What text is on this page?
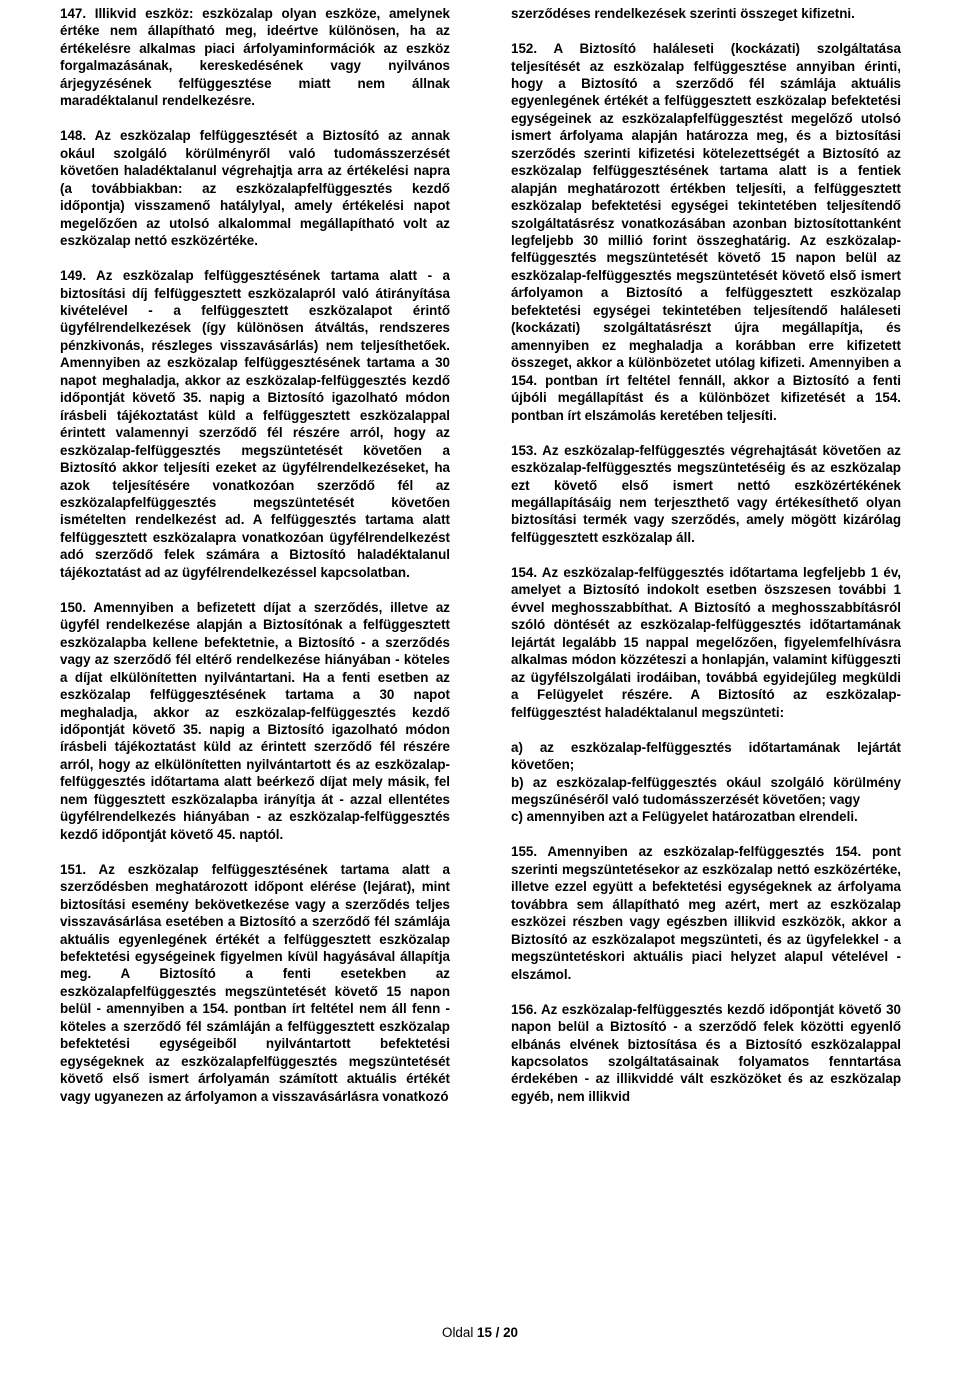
147. Illikvid eszköz: eszközalap olyan eszköze, amelynek értéke nem állapítható meg, ideértve különösen, ha az értékelésre alkalmas piaci árfolyaminformációk az eszköz forgalmazásának, kereskedésének vagy nyilvános árjegyzésének felfüggesztése miatt nem állnak maradéktalanul rendelkezésre.

148. Az eszközalap felfüggesztését a Biztosító az annak okául szolgáló körülményről való tudomásszerzését követően haladéktalanul végrehajtja arra az értékelési napra (a továbbiakban: az eszközalapfelfüggesztés kezdő időpontja) visszamenő hatálylyal, amely értékelési napot megelőzően az utolsó alkalommal megállapítható volt az eszközalap nettó eszközértéke.

149. Az eszközalap felfüggesztésének tartama alatt - a biztosítási díj felfüggesztett eszközalapról való átirányítása kivételével - a felfüggesztett eszközalapot érintő ügyfélrendelkezések (így különösen átváltás, rendszeres pénzkivonás, részleges visszavásárlás) nem teljesíthetőek. Amennyiben az eszközalap felfüggesztésének tartama a 30 napot meghaladja, akkor az eszközalap-felfüggesztés kezdő időpontját követő 35. napig a Biztosító igazolható módon írásbeli tájékoztatást küld a felfüggesztett eszközalappal érintett valamennyi szerződő fél részére arról, hogy az eszközalap-felfüggesztés megszüntetését követően a Biztosító akkor teljesíti ezeket az ügyfélrendelkezéseket, ha azok teljesítésére vonatkozóan szerződő fél az eszközalapfelfüggesztés megszüntetését követően ismételten rendelkezést ad. A felfüggesztés tartama alatt felfüggesztett eszközalapra vonatkozóan ügyfélrendelkezést adó szerződő felek számára a Biztosító haladéktalanul tájékoztatást ad az ügyfélrendelkezéssel kapcsolatban.

150. Amennyiben a befizetett díjat a szerződés, illetve az ügyfél rendelkezése alapján a Biztosítónak a felfüggesztett eszközalapba kellene befektetnie, a Biztosító - a szerződés vagy az szerződő fél eltérő rendelkezése hiányában - köteles a díjat elkülönítetten nyilvántartani. Ha a fenti esetben az eszközalap felfüggesztésének tartama a 30 napot meghaladja, akkor az eszközalap-felfüggesztés kezdő időpontját követő 35. napig a Biztosító igazolható módon írásbeli tájékoztatást küld az érintett szerződő fél részére arról, hogy az elkülönítetten nyilvántartott és az eszközalap-felfüggesztés időtartama alatt beérkező díjat mely másik, fel nem függesztett eszközalapba irányítja át - azzal ellentétes ügyfélrendelkezés hiányában - az eszközalap-felfüggesztés kezdő időpontját követő 45. naptól.

151. Az eszközalap felfüggesztésének tartama alatt a szerződésben meghatározott időpont elérése (lejárat), mint biztosítási esemény bekövetkezése vagy a szerződés teljes visszavásárlása esetében a Biztosító a szerződő fél számlája aktuális egyenlegének értékét a felfüggesztett eszközalap befektetési egységeinek figyelmen kívül hagyásával állapítja meg. A Biztosító a fenti esetekben az eszközalapfelfüggesztés megszüntetését követő 15 napon belül - amennyiben a 154. pontban írt feltétel nem áll fenn - köteles a szerződő fél számláján a felfüggesztett eszközalap befektetési egységeiből nyilvántartott befektetési egységeknek az eszközalapfelfüggesztés megszüntetését követő első ismert árfolyamán számított aktuális értékét vagy ugyanezen az árfolyamon a visszavásárlásra vonatkozó

szerződéses rendelkezések szerinti összeget kifizetni.

152. A Biztosító haláleseti (kockázati) szolgáltatása teljesítését az eszközalap felfüggesztése annyiban érinti, hogy a Biztosító a szerződő fél számlája aktuális egyenlegének értékét a felfüggesztett eszközalap befektetési egységeinek az eszközalapfelfüggesztést megelőző utolsó ismert árfolyama alapján határozza meg, és a biztosítási szerződés szerinti kifizetési kötelezettségét a Biztosító az eszközalap felfüggesztésének tartama alatt is a fentiek alapján meghatározott értékben teljesíti, a felfüggesztett eszközalap befektetési egységei tekintetében teljesítendő szolgáltatásrész vonatkozásában azonban biztosítottanként legfeljebb 30 millió forint összeghatárig. Az eszközalap-felfüggesztés megszüntetését követő 15 napon belül az eszközalap-felfüggesztés megszüntetését követő első ismert árfolyamon a Biztosító a felfüggesztett eszközalap befektetési egységei tekintetében teljesítendő haláleseti (kockázati) szolgáltatásrészt újra megállapítja, és amennyiben ez meghaladja a korábban erre kifizetett összeget, akkor a különbözetet utólag kifizeti. Amennyiben a 154. pontban írt feltétel fennáll, akkor a Biztosító a fenti újbóli megállapítást és a különbözet kifizetését a 154. pontban írt elszámolás keretében teljesíti.

153. Az eszközalap-felfüggesztés végrehajtását követően az eszközalap-felfüggesztés megszüntetéséig és az eszközalap ezt követő első ismert nettó eszközértékének megállapításáig nem terjeszthető vagy értékesíthető olyan biztosítási termék vagy szerződés, amely mögött kizárólag felfüggesztett eszközalap áll.

154. Az eszközalap-felfüggesztés időtartama legfeljebb 1 év, amelyet a Biztosító indokolt esetben öszszesen további 1 évvel meghosszabbíthat. A Biztosító a meghosszabbításról szóló döntését az eszközalap-felfüggesztés időtartamának lejártát legalább 15 nappal megelőzően, figyelemfelhívásra alkalmas módon közzéteszi a honlapján, valamint kifüggeszti az ügyfélszolgálati irodáiban, továbbá egyidejűleg megküldi a Felügyelet részére. A Biztosító az eszközalap-felfüggesztést haladéktalanul megszünteti:

a) az eszközalap-felfüggesztés időtartamának lejártát követően;
b) az eszközalap-felfüggesztés okául szolgáló körülmény megszűnéséről való tudomásszerzését követően; vagy
c) amennyiben azt a Felügyelet határozatban elrendeli.

155. Amennyiben az eszközalap-felfüggesztés 154. pont szerinti megszüntetésekor az eszközalap nettó eszközértéke, illetve ezzel együtt a befektetési egységeknek az árfolyama továbbra sem állapítható meg azért, mert az eszközalap eszközei részben vagy egészben illikvid eszközök, akkor a Biztosító az eszközalapot megszünteti, és az ügyfelekkel - a megszüntetéskori aktuális piaci helyzet alapul vételével - elszámol.

156. Az eszközalap-felfüggesztés kezdő időpontját követő 30 napon belül a Biztosító - a szerződő felek közötti egyenlő elbánás elvének biztosítása és a Biztosító eszközalappal kapcsolatos szolgáltatásainak folyamatos fenntartása érdekében - az illikviddé vált eszközöket és az eszközalap egyéb, nem illikvid

Oldal 15 / 20
